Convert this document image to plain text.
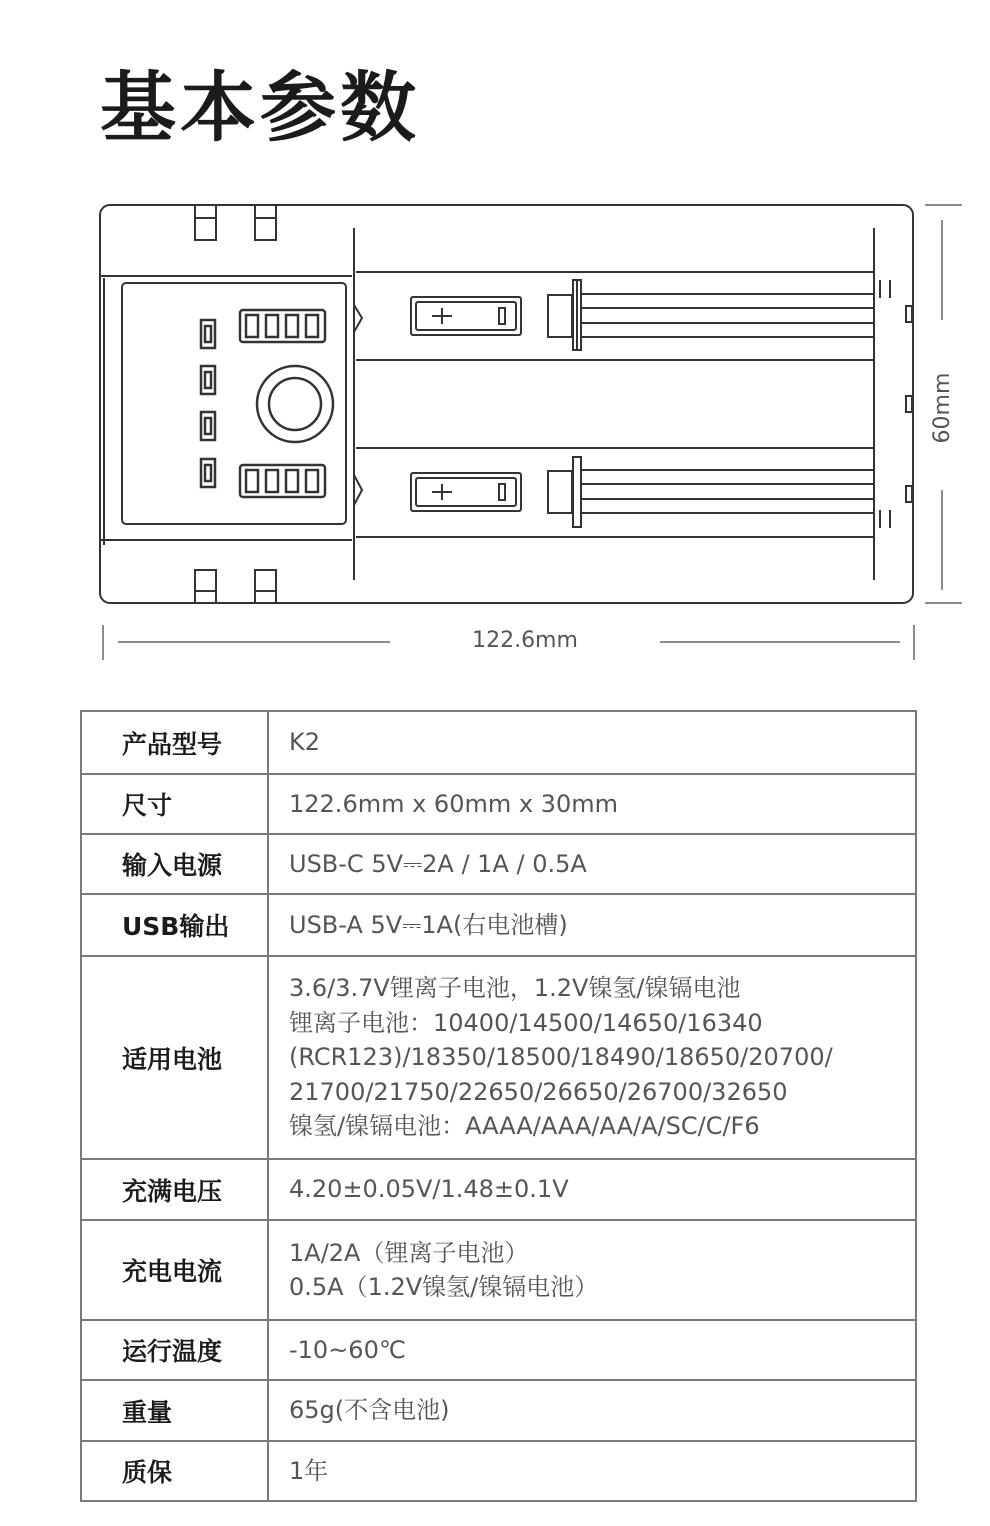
基本参数
122.6mm
60mm
产品型号	K2

尺寸	122.6mm x 60mm x 30mm

输入电源	USB-C 5V⎓2A / 1A / 0.5A

USB输出	USB-A 5V⎓1A(右电池槽)

适用电池	3.6/3.7V锂离子电池，1.2V镍氢/镍镉电池
锂离子电池：10400/14500/14650/16340
(RCR123)/18350/18500/18490/18650/20700/
21700/21750/22650/26650/26700/32650
镍氢/镍镉电池：AAAA/AAA/AA/A/SC/C/F6

充满电压	4.20±0.05V/1.48±0.1V

充电电流	1A/2A（锂离子电池）
0.5A（1.2V镍氢/镍镉电池）

运行温度	-10~60℃

重量	65g(不含电池)

质保	1年
